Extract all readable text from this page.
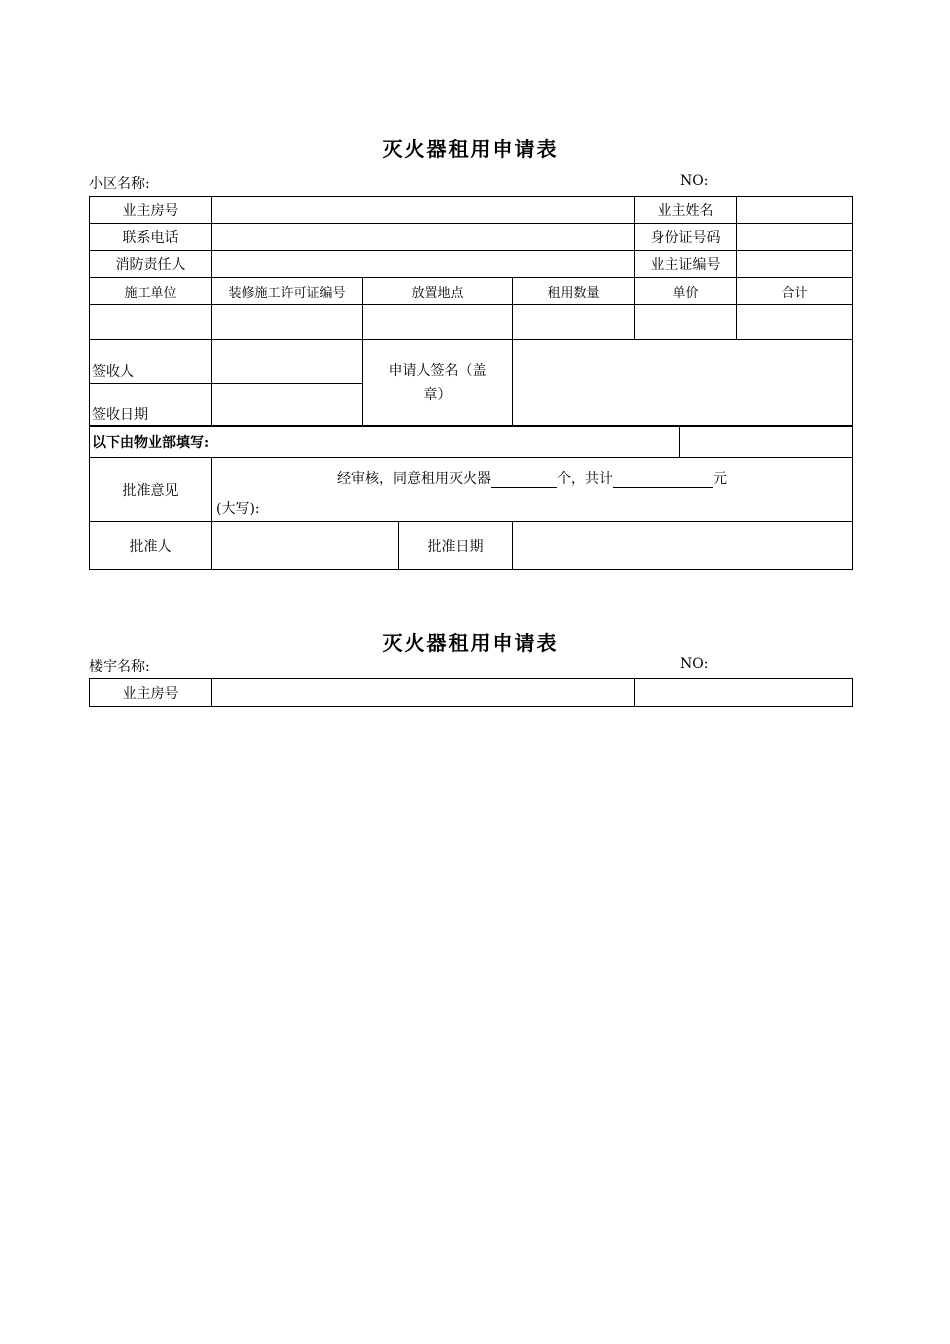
灭火器租用申请表
小区名称:	NO:
业主房号				业主姓名	
联系电话				身份证号码	
消防责任人				业主证编号	
施工单位	装修施工许可证编号	放置地点	租用数量	单价	合计

签收人		申请人签名（盖章）			
签收日期					
以下由物业部填写:				
批准意见	经审核，同意租用灭火器 个，共计 元
(大写):			

批准人		批准日期		
灭火器租用申请表
楼宇名称:	NO:
业主房号		
